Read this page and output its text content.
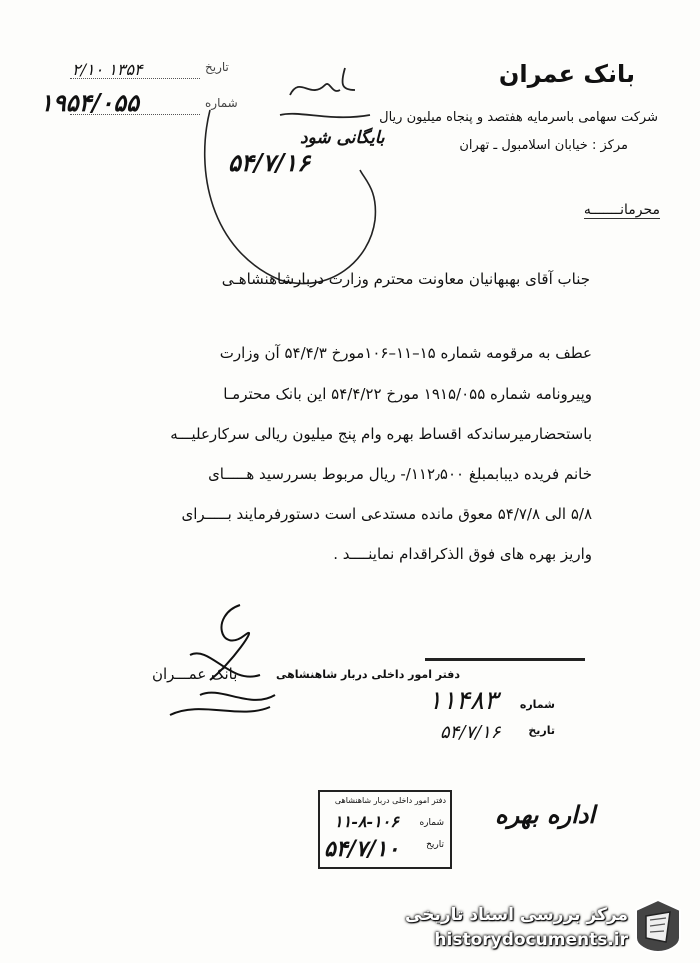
۲/۱۰ ۱۳۵۴	تاریخ
۱۹۵۴/۰۵۵	شماره
بایگانی شود
۵۴/۷/۱۶
بانک عمران
شرکت سهامی باسرمایه هفتصد و پنجاه میلیون ریال
مرکز : خیابان اسلامبول ـ تهران
محرمانـــــــه
جناب آقای بهبهانیان معاونت محترم وزارت دربارشاهنشاهـی
عطف به مرقومه شماره ۱۵–۱۱–۱۰۶مورخ ۵۴/۴/۳ آن وزارت
وپیرونامه شماره ۱۹۱۵/۰۵۵ مورخ ۵۴/۴/۲۲ این بانک محترمـا
باستحضارمیرساندکه اقساط بهره وام پنج میلیون ریالی سرکارعلیـــه
خانم فریده دیبابمبلغ ۱۱۲٫۵۰۰/- ریال مربوط بسررسید هـــــای
۵/۸ الی ۵۴/۷/۸ معوق مانده مستدعی است دستورفرمایند بـــــرای
واریز بهره های فوق الذکراقدام نماینــــد .
بانک عمـــران	دفتر امور داخلی دربار شاهنشاهی
شماره
۱۱۴۸۳
تاریخ
۵۴/۷/۱۶
دفتر امور داخلی دربار شاهنشاهی
شماره
۱۱-۸-۱۰۶
تاریخ
۵۴/۷/۱۰
اداره بهره
مرکز بررسی اسناد تاریخی
historydocuments.ir
